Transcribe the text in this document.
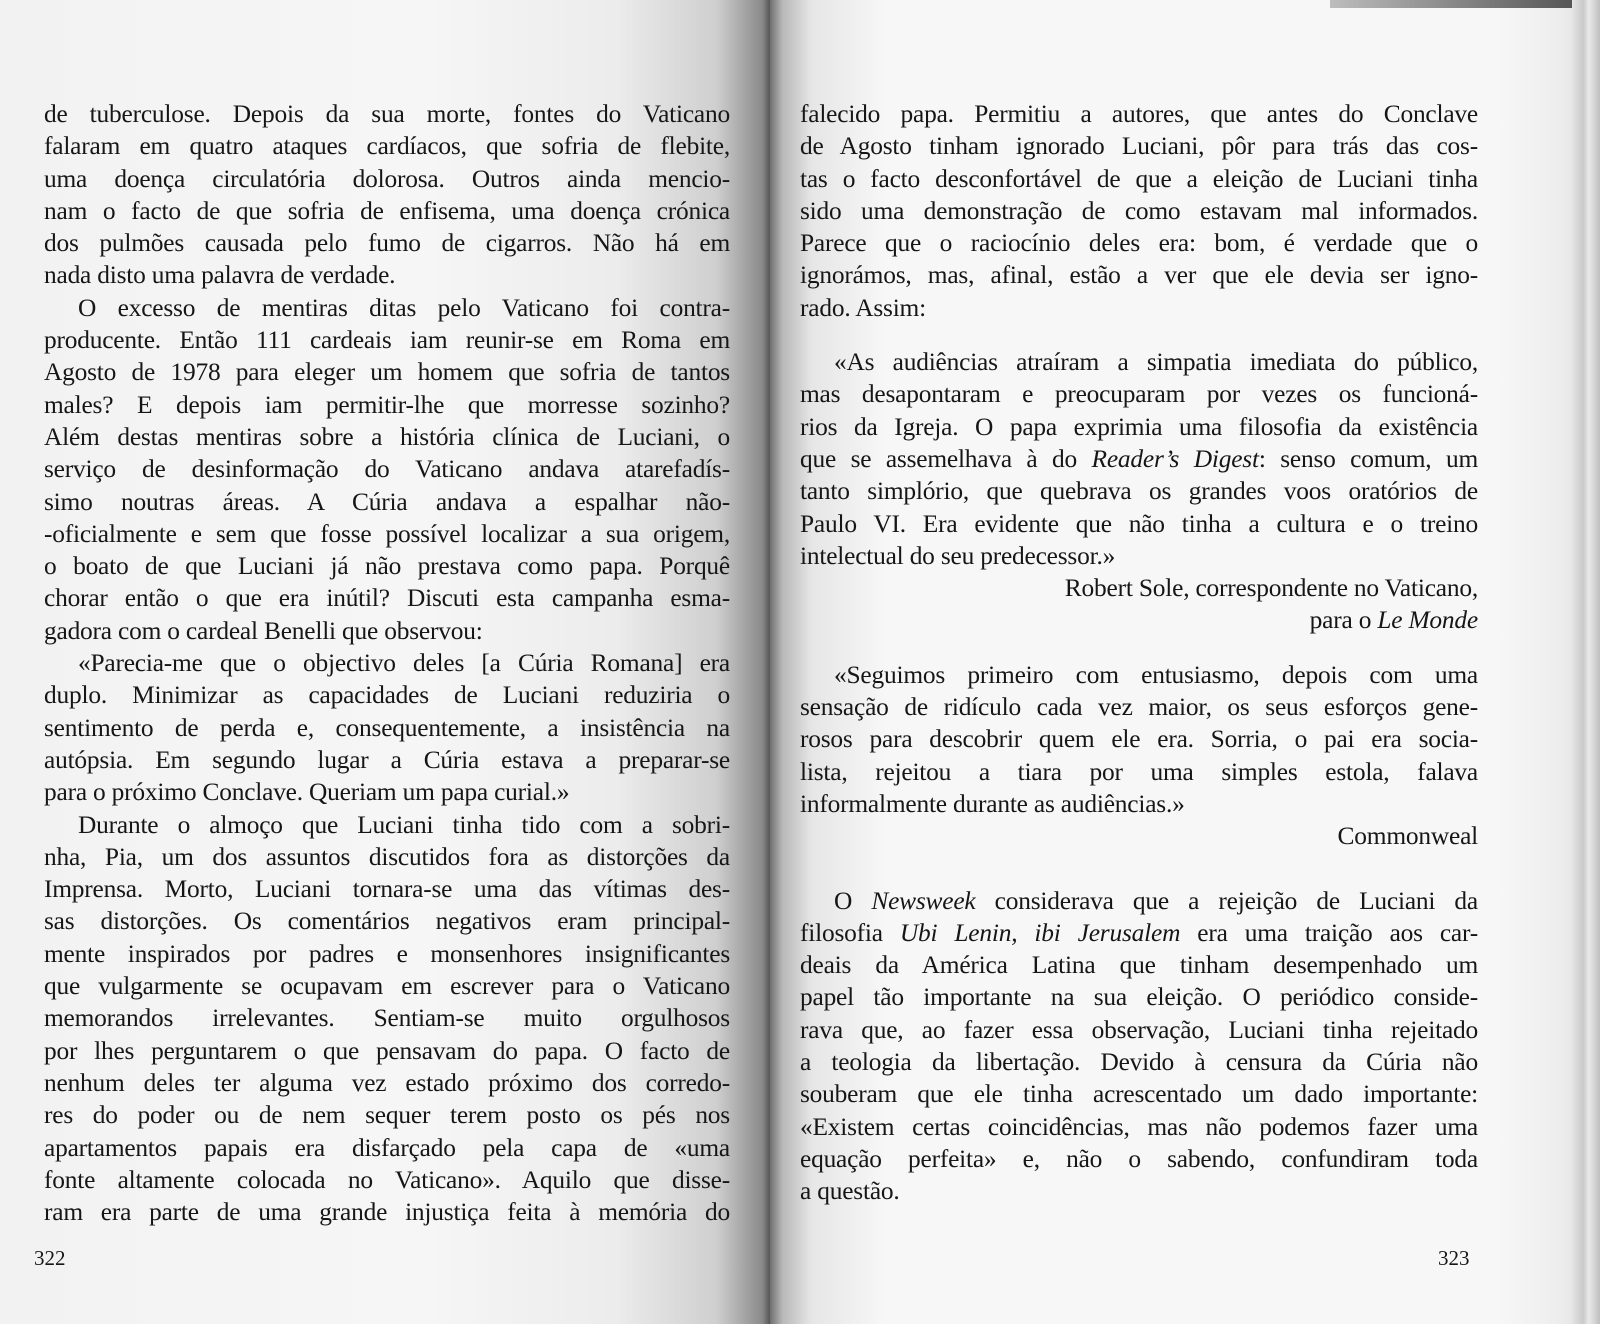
de tuberculose. Depois da sua morte, fontes do Vaticano
falaram em quatro ataques cardíacos, que sofria de flebite,
uma doença circulatória dolorosa. Outros ainda mencio-
nam o facto de que sofria de enfisema, uma doença crónica
dos pulmões causada pelo fumo de cigarros. Não há em
nada disto uma palavra de verdade.
O excesso de mentiras ditas pelo Vaticano foi contra-
producente. Então 111 cardeais iam reunir-se em Roma em
Agosto de 1978 para eleger um homem que sofria de tantos
males? E depois iam permitir-lhe que morresse sozinho?
Além destas mentiras sobre a história clínica de Luciani, o
serviço de desinformação do Vaticano andava atarefadís-
simo noutras áreas. A Cúria andava a espalhar não-
-oficialmente e sem que fosse possível localizar a sua origem,
o boato de que Luciani já não prestava como papa. Porquê
chorar então o que era inútil? Discuti esta campanha esma-
gadora com o cardeal Benelli que observou:
«Parecia-me que o objectivo deles [a Cúria Romana] era
duplo. Minimizar as capacidades de Luciani reduziria o
sentimento de perda e, consequentemente, a insistência na
autópsia. Em segundo lugar a Cúria estava a preparar-se
para o próximo Conclave. Queriam um papa curial.»
Durante o almoço que Luciani tinha tido com a sobri-
nha, Pia, um dos assuntos discutidos fora as distorções da
Imprensa. Morto, Luciani tornara-se uma das vítimas des-
sas distorções. Os comentários negativos eram principal-
mente inspirados por padres e monsenhores insignificantes
que vulgarmente se ocupavam em escrever para o Vaticano
memorandos irrelevantes. Sentiam-se muito orgulhosos
por lhes perguntarem o que pensavam do papa. O facto de
nenhum deles ter alguma vez estado próximo dos corredo-
res do poder ou de nem sequer terem posto os pés nos
apartamentos papais era disfarçado pela capa de «uma
fonte altamente colocada no Vaticano». Aquilo que disse-
ram era parte de uma grande injustiça feita à memória do
322
falecido papa. Permitiu a autores, que antes do Conclave
de Agosto tinham ignorado Luciani, pôr para trás das cos-
tas o facto desconfortável de que a eleição de Luciani tinha
sido uma demonstração de como estavam mal informados.
Parece que o raciocínio deles era: bom, é verdade que o
ignorámos, mas, afinal, estão a ver que ele devia ser igno-
rado. Assim:
«As audiências atraíram a simpatia imediata do público,
mas desapontaram e preocuparam por vezes os funcioná-
rios da Igreja. O papa exprimia uma filosofia da existência
que se assemelhava à do Reader’s Digest: senso comum, um
tanto simplório, que quebrava os grandes voos oratórios de
Paulo VI. Era evidente que não tinha a cultura e o treino
intelectual do seu predecessor.»
Robert Sole, correspondente no Vaticano,
para o Le Monde
«Seguimos primeiro com entusiasmo, depois com uma
sensação de ridículo cada vez maior, os seus esforços gene-
rosos para descobrir quem ele era. Sorria, o pai era socia-
lista, rejeitou a tiara por uma simples estola, falava
informalmente durante as audiências.»
Commonweal
O Newsweek considerava que a rejeição de Luciani da
filosofia Ubi Lenin, ibi Jerusalem era uma traição aos car-
deais da América Latina que tinham desempenhado um
papel tão importante na sua eleição. O periódico conside-
rava que, ao fazer essa observação, Luciani tinha rejeitado
a teologia da libertação. Devido à censura da Cúria não
souberam que ele tinha acrescentado um dado importante:
«Existem certas coincidências, mas não podemos fazer uma
equação perfeita» e, não o sabendo, confundiram toda
a questão.
323
